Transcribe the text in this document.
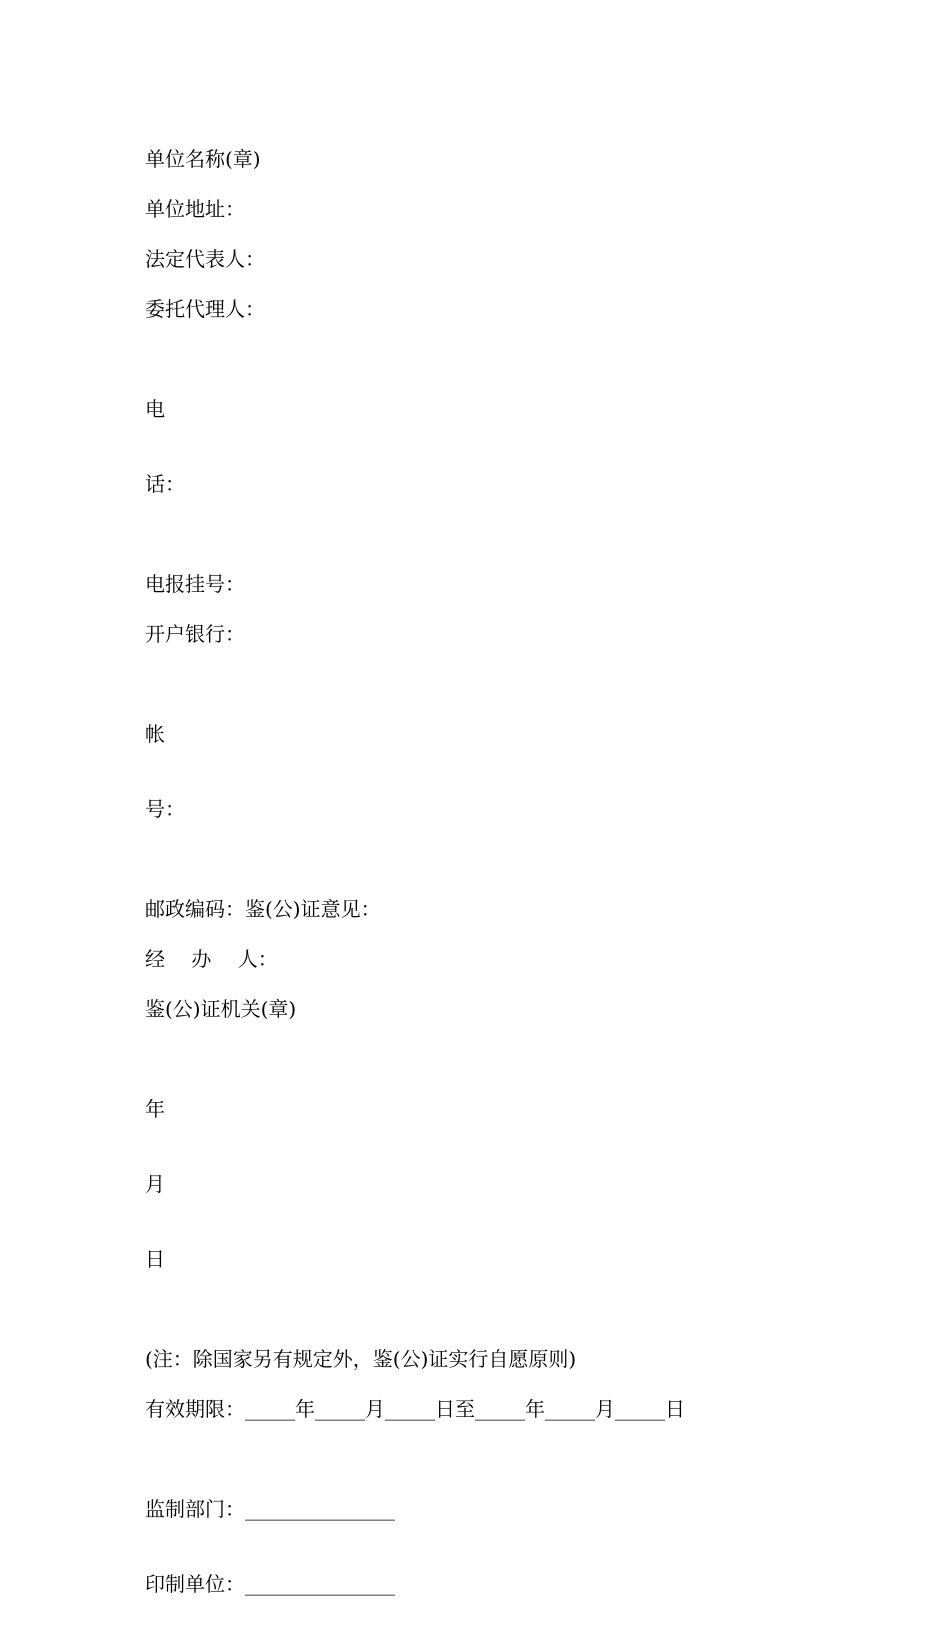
单位名称(章)

单位地址：

法定代表人：

委托代理人：

电

话：

电报挂号：

开户银行：

帐

号：

邮政编码：鉴(公)证意见：

经　 办　 人：

鉴(公)证机关(章)

年

月

日

(注：除国家另有规定外，鉴(公)证实行自愿原则)

有效期限：_____年_____月_____日至_____年_____月_____日

监制部门：_______________

印制单位：_______________
